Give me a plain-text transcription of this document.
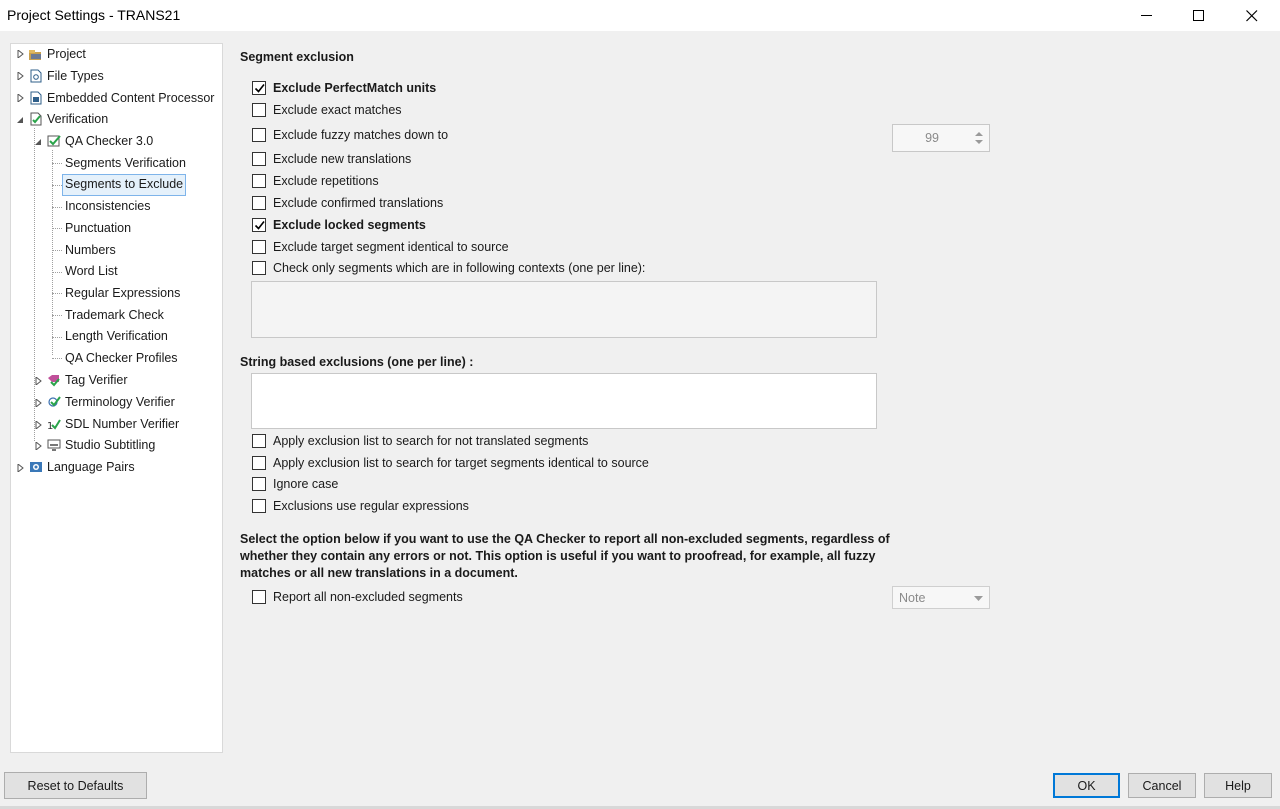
Project Settings - TRANS21
Project
File Types
Embedded Content Processor
Verification
QA Checker 3.0
Segments Verification
Segments to Exclude
Inconsistencies
Punctuation
Numbers
Word List
Regular Expressions
Trademark Check
Length Verification
QA Checker Profiles
Tag Verifier
Terminology Verifier
1 SDL Number Verifier
Studio Subtitling
Language Pairs
Segment exclusion
Exclude PerfectMatch units
Exclude exact matches
Exclude fuzzy matches down to	99
Exclude new translations
Exclude repetitions
Exclude confirmed translations
Exclude locked segments
Exclude target segment identical to source
Check only segments which are in following contexts (one per line):
String based exclusions (one per line) :
Apply exclusion list to search for not translated segments
Apply exclusion list to search for target segments identical to source
Ignore case
Exclusions use regular expressions
Select the option below if you want to use the QA Checker to report all non-excluded segments, regardless of whether they contain any errors or not. This option is useful if you want to proofread, for example, all fuzzy matches or all new translations in a document.
Report all non-excluded segments	Note
Reset to Defaults	OK	Cancel	Help
